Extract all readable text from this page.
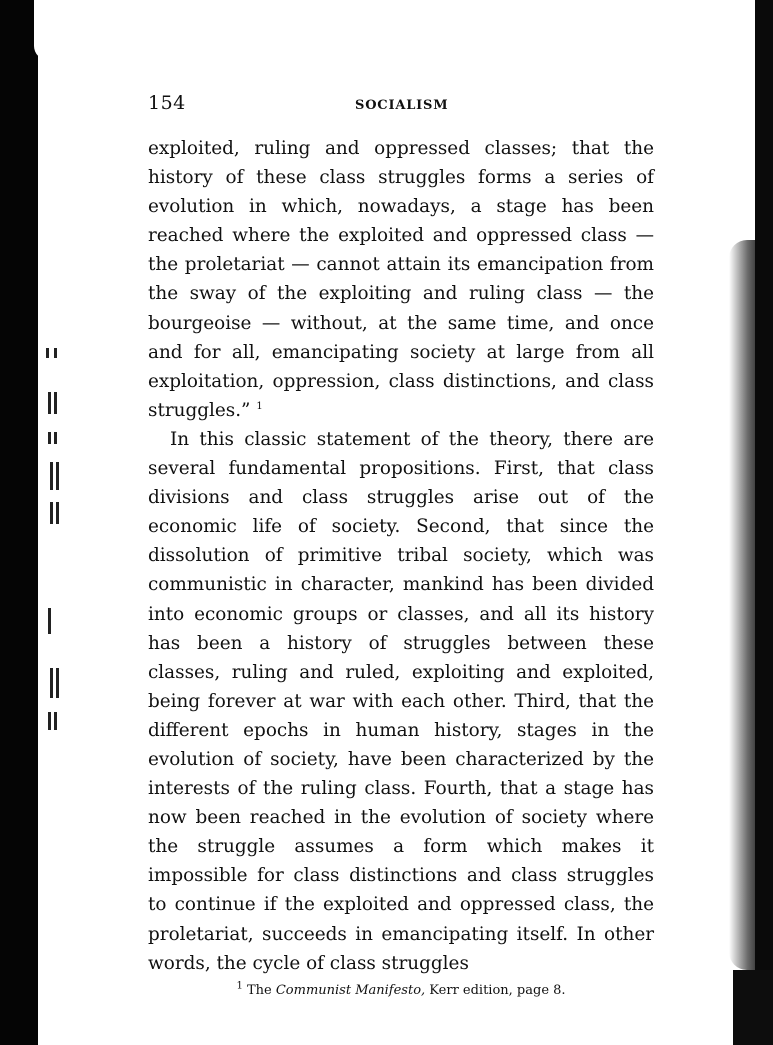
154	SOCIALISM

exploited, ruling and oppressed classes; that the history of these class struggles forms a series of evolution in which, nowadays, a stage has been reached where the exploited and oppressed class — the proletariat — cannot attain its emancipation from the sway of the exploiting and ruling class — the bourgeoise — without, at the same time, and once and for all, emancipating society at large from all exploitation, oppression, class distinctions, and class struggles.” $^1$

In this classic statement of the theory, there are several fundamental propositions. First, that class divisions and class struggles arise out of the economic life of society. Second, that since the dissolution of primitive tribal society, which was communistic in character, mankind has been divided into economic groups or classes, and all its history has been a history of struggles between these classes, ruling and ruled, exploiting and exploited, being forever at war with each other. Third, that the different epochs in human history, stages in the evolution of society, have been characterized by the interests of the ruling class. Fourth, that a stage has now been reached in the evolution of society where the struggle assumes a form which makes it impossible for class distinctions and class struggles to continue if the exploited and oppressed class, the proletariat, succeeds in emancipating itself. In other words, the cycle of class struggles

$^1$ The Communist Manifesto, Kerr edition, page 8.
